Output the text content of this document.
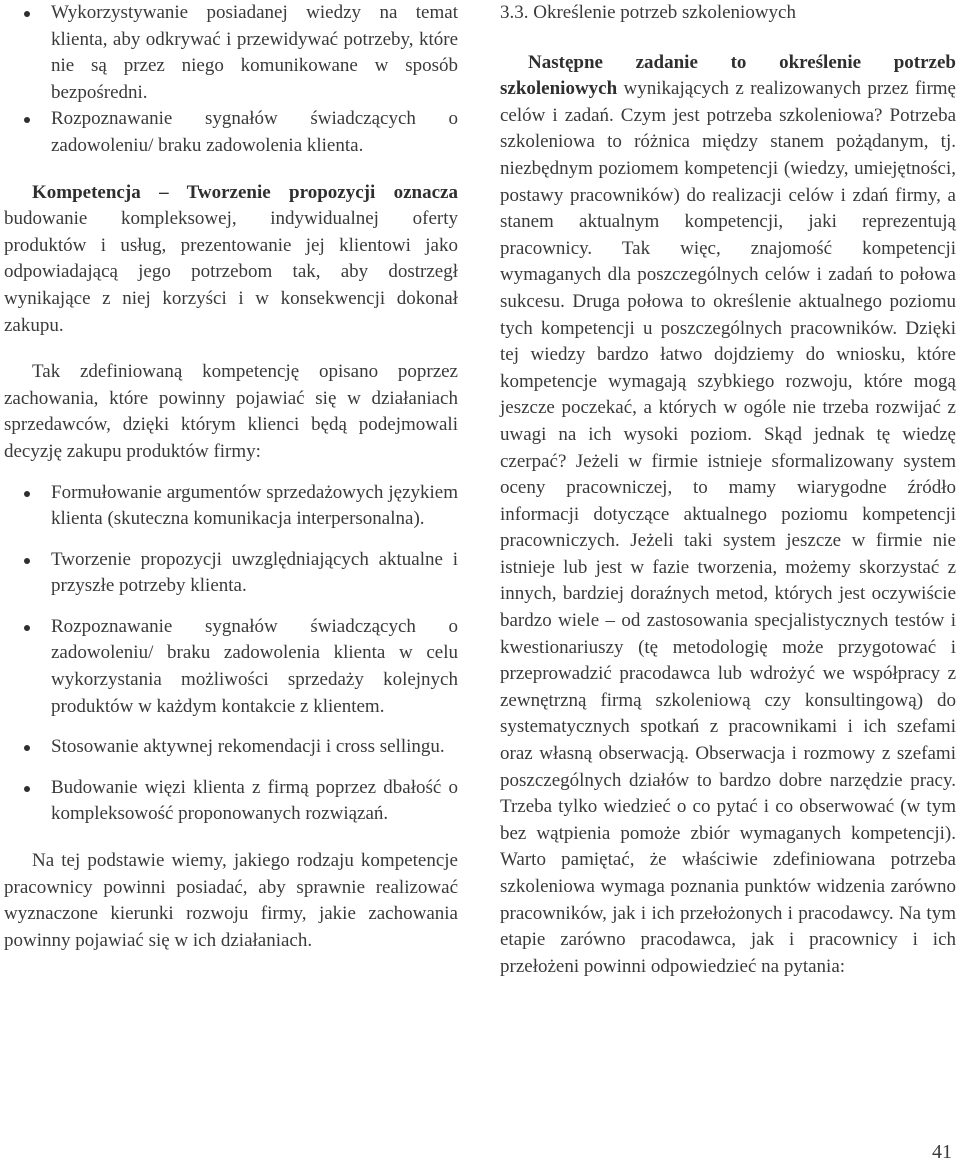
Wykorzystywanie posiadanej wiedzy na temat klienta, aby odkrywać i przewidywać potrzeby, które nie są przez niego komunikowane w sposób bezpośredni.
Rozpoznawanie sygnałów świadczących o zadowoleniu/ braku zadowolenia klienta.

Kompetencja – Tworzenie propozycji oznacza budowanie kompleksowej, indywidualnej oferty produktów i usług, prezentowanie jej klientowi jako odpowiadającą jego potrzebom tak, aby dostrzegł wynikające z niej korzyści i w konsekwencji dokonał zakupu.

Tak zdefiniowaną kompetencję opisano poprzez zachowania, które powinny pojawiać się w działaniach sprzedawców, dzięki którym klienci będą podejmowali decyzję zakupu produktów firmy:

Formułowanie argumentów sprzedażowych językiem klienta (skuteczna komunikacja interpersonalna).
Tworzenie propozycji uwzględniających aktualne i przyszłe potrzeby klienta.
Rozpoznawanie sygnałów świadczących o zadowoleniu/ braku zadowolenia klienta w celu wykorzystania możliwości sprzedaży kolejnych produktów w każdym kontakcie z klientem.
Stosowanie aktywnej rekomendacji i cross sellingu.
Budowanie więzi klienta z firmą poprzez dbałość o kompleksowość proponowanych rozwiązań.

Na tej podstawie wiemy, jakiego rodzaju kompetencje pracownicy powinni posiadać, aby sprawnie realizować wyznaczone kierunki rozwoju firmy, jakie zachowania powinny pojawiać się w ich działaniach.

3.3. Określenie potrzeb szkoleniowych

Następne zadanie to określenie potrzeb szkoleniowych wynikających z realizowanych przez firmę celów i zadań. Czym jest potrzeba szkoleniowa? Potrzeba szkoleniowa to różnica między stanem pożądanym, tj. niezbędnym poziomem kompetencji (wiedzy, umiejętności, postawy pracowników) do realizacji celów i zdań firmy, a stanem aktualnym kompetencji, jaki reprezentują pracownicy. Tak więc, znajomość kompetencji wymaganych dla poszczególnych celów i zadań to połowa sukcesu. Druga połowa to określenie aktualnego poziomu tych kompetencji u poszczególnych pracowników. Dzięki tej wiedzy bardzo łatwo dojdziemy do wniosku, które kompetencje wymagają szybkiego rozwoju, które mogą jeszcze poczekać, a których w ogóle nie trzeba rozwijać z uwagi na ich wysoki poziom. Skąd jednak tę wiedzę czerpać? Jeżeli w firmie istnieje sformalizowany system oceny pracowniczej, to mamy wiarygodne źródło informacji dotyczące aktualnego poziomu kompetencji pracowniczych. Jeżeli taki system jeszcze w firmie nie istnieje lub jest w fazie tworzenia, możemy skorzystać z innych, bardziej doraźnych metod, których jest oczywiście bardzo wiele – od zastosowania specjalistycznych testów i kwestionariuszy (tę metodologię może przygotować i przeprowadzić pracodawca lub wdrożyć we współpracy z zewnętrzną firmą szkoleniową czy konsultingową) do systematycznych spotkań z pracownikami i ich szefami oraz własną obserwacją. Obserwacja i rozmowy z szefami poszczególnych działów to bardzo dobre narzędzie pracy. Trzeba tylko wiedzieć o co pytać i co obserwować (w tym bez wątpienia pomoże zbiór wymaganych kompetencji). Warto pamiętać, że właściwie zdefiniowana potrzeba szkoleniowa wymaga poznania punktów widzenia zarówno pracowników, jak i ich przełożonych i pracodawcy. Na tym etapie zarówno pracodawca, jak i pracownicy i ich przełożeni powinni odpowiedzieć na pytania:

41
